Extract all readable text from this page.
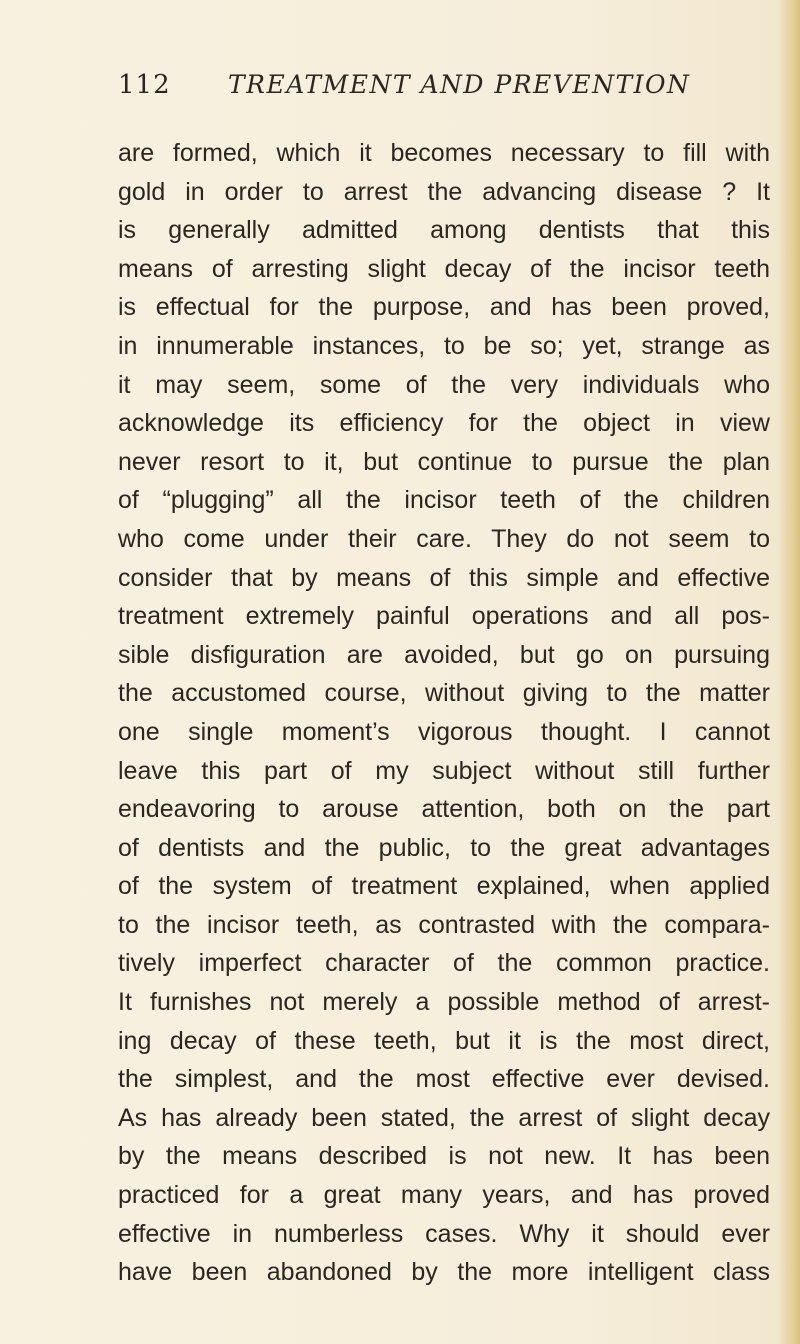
112 TREATMENT AND PREVENTION
are formed, which it becomes necessary to fill with
gold in order to arrest the advancing disease ? It
is generally admitted among dentists that this
means of arresting slight decay of the incisor teeth
is effectual for the purpose, and has been proved,
in innumerable instances, to be so; yet, strange as
it may seem, some of the very individuals who
acknowledge its efficiency for the object in view
never resort to it, but continue to pursue the plan
of “plugging” all the incisor teeth of the children
who come under their care. They do not seem to
consider that by means of this simple and effective
treatment extremely painful operations and all pos-
sible disfiguration are avoided, but go on pursuing
the accustomed course, without giving to the matter
one single moment’s vigorous thought. I cannot
leave this part of my subject without still further
endeavoring to arouse attention, both on the part
of dentists and the public, to the great advantages
of the system of treatment explained, when applied
to the incisor teeth, as contrasted with the compara-
tively imperfect character of the common practice.
It furnishes not merely a possible method of arrest-
ing decay of these teeth, but it is the most direct,
the simplest, and the most effective ever devised.
As has already been stated, the arrest of slight decay
by the means described is not new. It has been
practiced for a great many years, and has proved
effective in numberless cases. Why it should ever
have been abandoned by the more intelligent class
